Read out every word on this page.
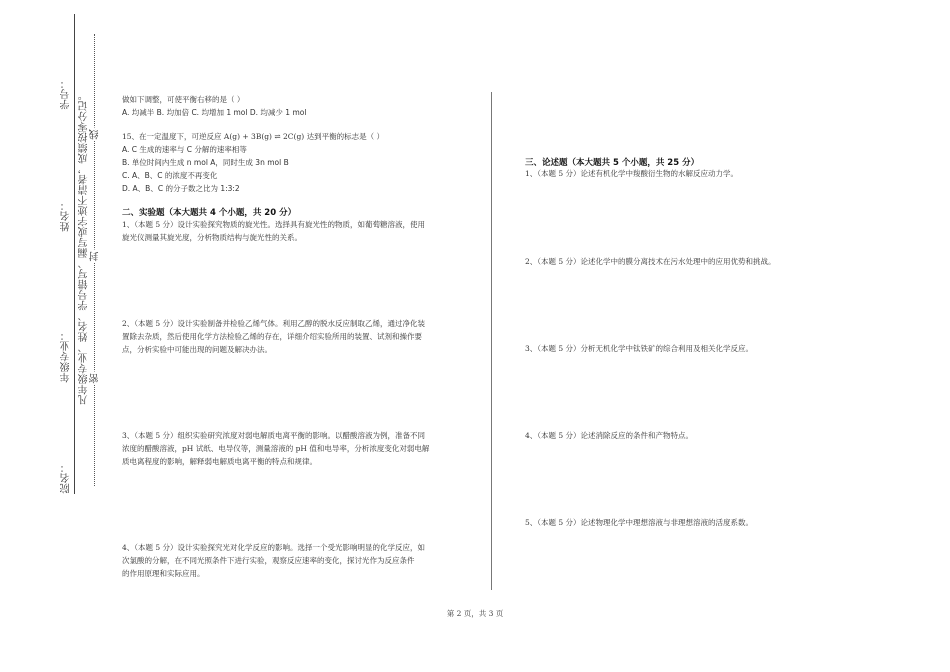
学号：
姓名：
年级专业：
院名：
凡年级专业、姓名、学号错写、漏写或字迹不清者，成绩按零分记。 密
封
线
做如下调整，可使平衡右移的是（ ）
A. 均减半 B. 均加倍 C. 均增加 1 mol D. 均减少 1 mol
15、在一定温度下，可逆反应 A(g) + 3B(g) ⇌ 2C(g) 达到平衡的标志是（ ）
A. C 生成的速率与 C 分解的速率相等
B. 单位时间内生成 n mol A，同时生成 3n mol B
C. A、B、C 的浓度不再变化
D. A、B、C 的分子数之比为 1:3:2
二、实验题（本大题共 4 个小题，共 20 分）
1、（本题 5 分）设计实验探究物质的旋光性。选择具有旋光性的物质，如葡萄糖溶液，使用
旋光仪测量其旋光度，分析物质结构与旋光性的关系。
2、（本题 5 分）设计实验制备并检验乙烯气体。利用乙醇的脱水反应制取乙烯，通过净化装
置除去杂质，然后使用化学方法检验乙烯的存在，详细介绍实验所用的装置、试剂和操作要
点，分析实验中可能出现的问题及解决办法。
3、（本题 5 分）组织实验研究浓度对弱电解质电离平衡的影响。以醋酸溶液为例，准备不同
浓度的醋酸溶液，pH 试纸、电导仪等，测量溶液的 pH 值和电导率，分析浓度变化对弱电解
质电离程度的影响，解释弱电解质电离平衡的特点和规律。
4、（本题 5 分）设计实验探究光对化学反应的影响。选择一个受光影响明显的化学反应，如
次氯酸的分解，在不同光照条件下进行实验，观察反应速率的变化，探讨光作为反应条件
的作用原理和实际应用。
三、论述题（本大题共 5 个小题，共 25 分）
1、（本题 5 分）论述有机化学中羧酸衍生物的水解反应动力学。
2、（本题 5 分）论述化学中的膜分离技术在污水处理中的应用优势和挑战。
3、（本题 5 分）分析无机化学中钛铁矿的综合利用及相关化学反应。
4、（本题 5 分）论述消除反应的条件和产物特点。
5、（本题 5 分）论述物理化学中理想溶液与非理想溶液的活度系数。
第 2 页，共 3 页
